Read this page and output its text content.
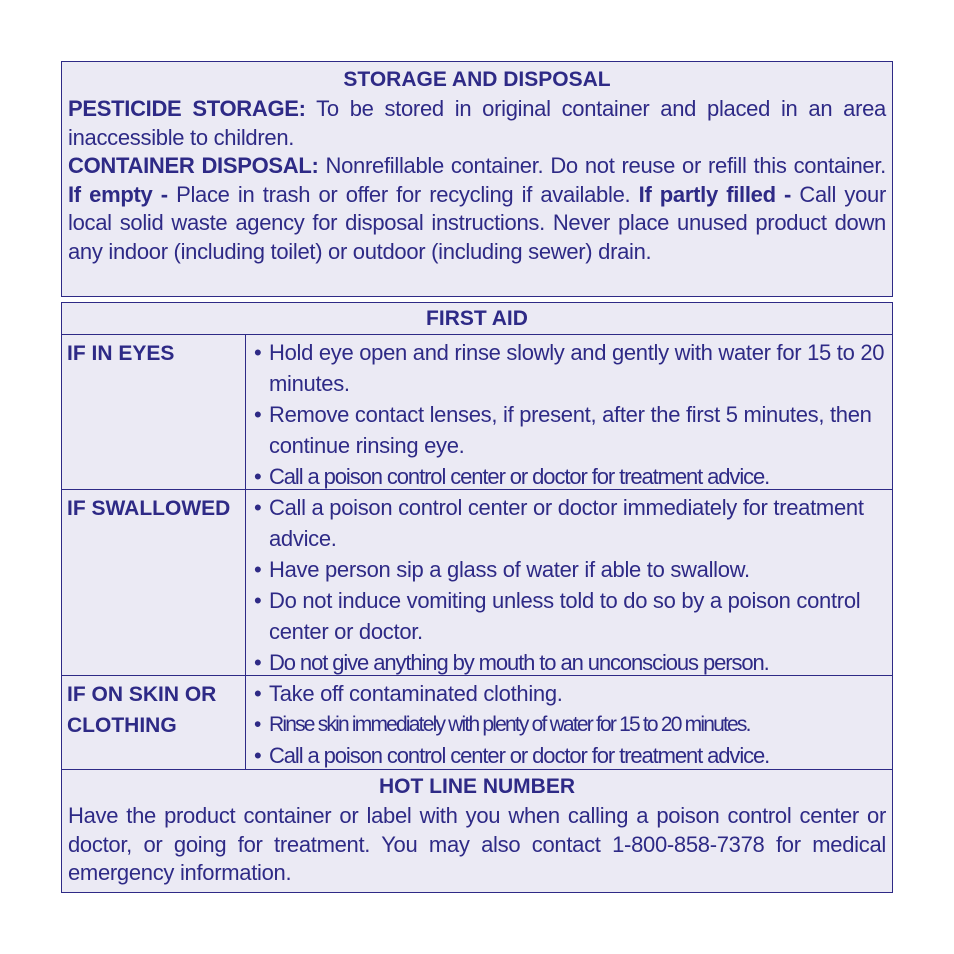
STORAGE AND DISPOSAL
PESTICIDE STORAGE: To be stored in original container and placed in an area inaccessible to children.
CONTAINER DISPOSAL: Nonrefillable container. Do not reuse or refill this container. If empty - Place in trash or offer for recycling if available. If partly filled - Call your local solid waste agency for disposal instructions. Never place unused product down any indoor (including toilet) or outdoor (including sewer) drain.
FIRST AID
IF IN EYES	• Hold eye open and rinse slowly and gently with water for 15 to 20 minutes.
• Remove contact lenses, if present, after the first 5 minutes, then continue rinsing eye.
• Call a poison control center or doctor for treatment advice.
IF SWALLOWED	• Call a poison control center or doctor immediately for treatment advice.
• Have person sip a glass of water if able to swallow.
• Do not induce vomiting unless told to do so by a poison control center or doctor.
• Do not give anything by mouth to an unconscious person.
IF ON SKIN OR CLOTHING
• Take off contaminated clothing.
• Rinse skin immediately with plenty of water for 15 to 20 minutes.
• Call a poison control center or doctor for treatment advice.
HOT LINE NUMBER
Have the product container or label with you when calling a poison control center or doctor, or going for treatment. You may also contact 1-800-858-7378 for medical emergency information.
